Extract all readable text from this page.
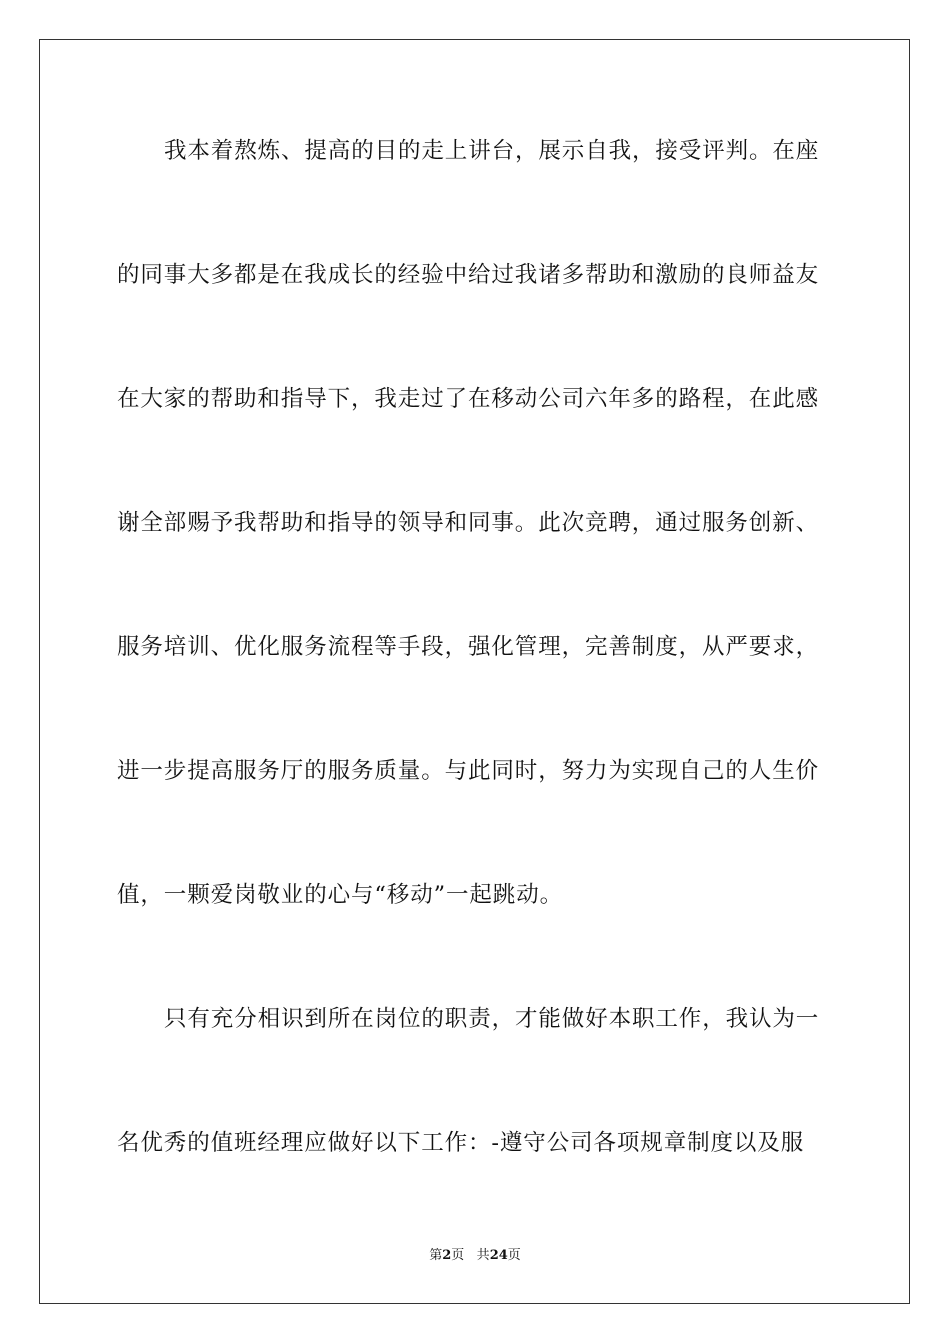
我本着熬炼、提高的目的走上讲台，展示自我，接受评判。在座
的同事大多都是在我成长的经验中给过我诸多帮助和激励的良师益友
在大家的帮助和指导下，我走过了在移动公司六年多的路程，在此感
谢全部赐予我帮助和指导的领导和同事。此次竞聘，通过服务创新、
服务培训、优化服务流程等手段，强化管理，完善制度，从严要求，
进一步提高服务厅的服务质量。与此同时，努力为实现自己的人生价
值，一颗爱岗敬业的心与“移动”一起跳动。
只有充分相识到所在岗位的职责，才能做好本职工作，我认为一
名优秀的值班经理应做好以下工作：-遵守公司各项规章制度以及服
第2页 共24页
